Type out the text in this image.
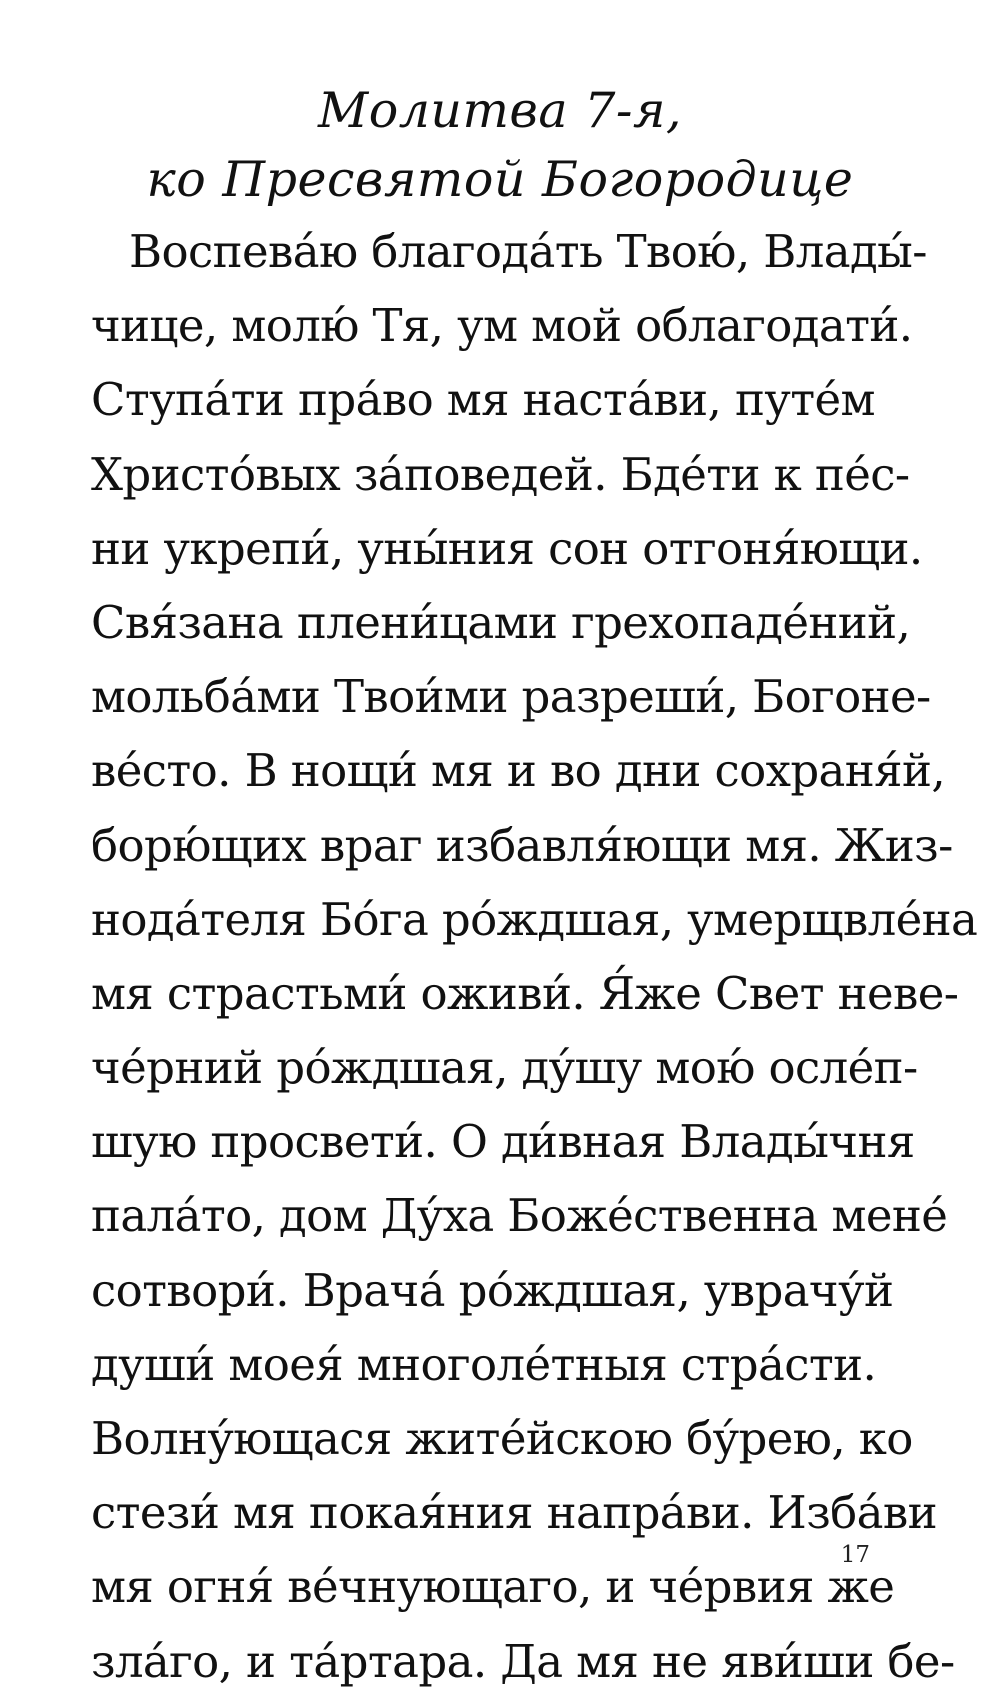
Молитва 7-я,
ко Пресвятой Богородице
Воспева́ю благода́ть Твою́, Влады́-
чице, молю́ Тя, ум мой облагодати́.
Ступа́ти пра́во мя наста́ви, путе́м
Христо́вых за́поведей. Бде́ти к пе́с-
ни укрепи́, уны́ния сон отгоня́ющи.
Свя́зана плени́цами грехопаде́ний,
мольба́ми Твои́ми разреши́, Богоне-
ве́сто. В нощи́ мя и во дни сохраня́й,
борю́щих враг избавля́ющи мя. Жиз-
нода́теля Бо́га ро́ждшая, умерщвле́на
мя страстьми́ оживи́. Я́же Свет неве-
че́рний ро́ждшая, ду́шу мою́ осле́п-
шую просвети́. О ди́вная Влады́чня
пала́то, дом Ду́ха Боже́ственна мене́
сотвори́. Врача́ ро́ждшая, уврачу́й
души́ моея́ многоле́тныя стра́сти.
Волну́ющася жите́йскою бу́рею, ко
стези́ мя покая́ния напра́ви. Изба́ви
мя огня́ ве́чнующаго, и че́рвия же
зла́го, и та́ртара. Да мя не яви́ши бе-
17
